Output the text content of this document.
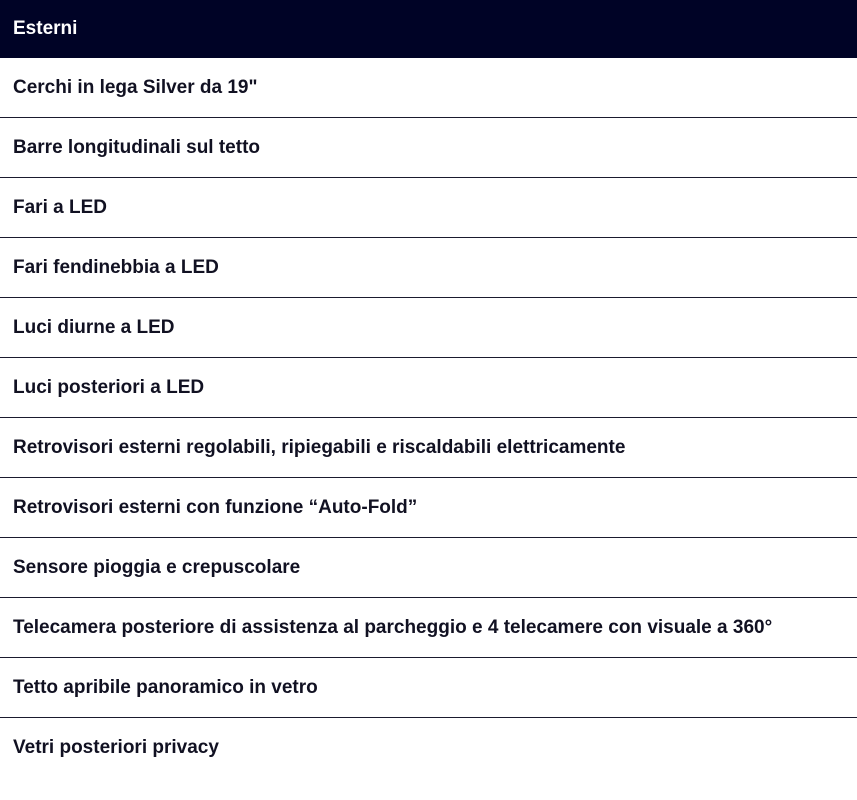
Esterni
Cerchi in lega Silver da 19"
Barre longitudinali sul tetto
Fari a LED
Fari fendinebbia a LED
Luci diurne a LED
Luci posteriori a LED
Retrovisori esterni regolabili, ripiegabili e riscaldabili elettricamente
Retrovisori esterni con funzione “Auto-Fold”
Sensore pioggia e crepuscolare
Telecamera posteriore di assistenza al parcheggio e 4 telecamere con visuale a 360°
Tetto apribile panoramico in vetro
Vetri posteriori privacy
